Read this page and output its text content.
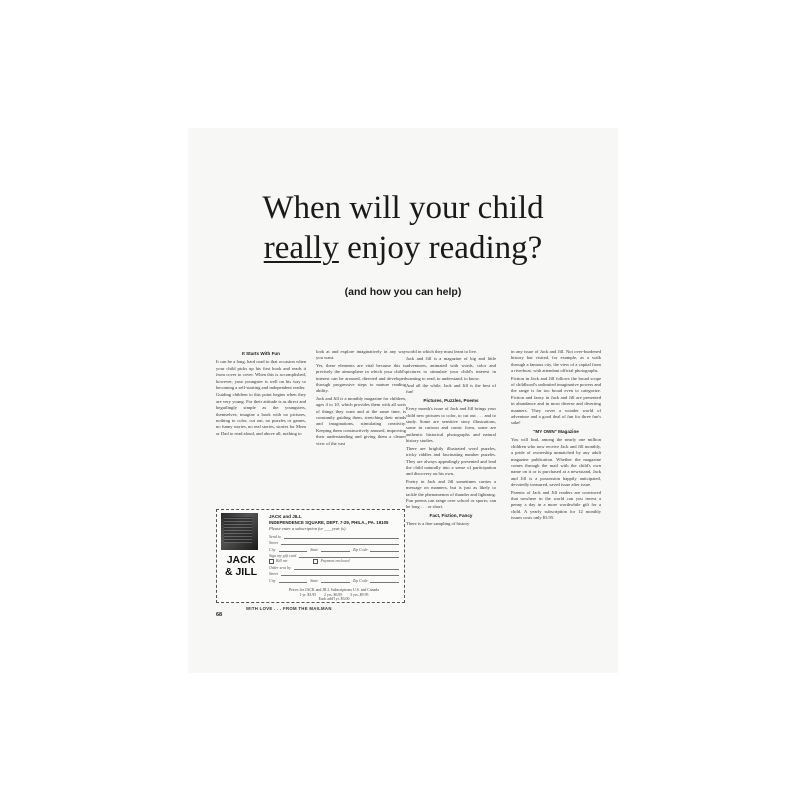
When will your child
really enjoy reading?
(and how you can help)
It Starts With Fun

It can be a long, hard road to that occasion when your child picks up his first book and reads it from cover to cover. When this is accomplished, however, your youngster is well on his way to becoming a self-starting and independent reader.

Guiding children to this point begins when they are very young. For their attitude is as direct and beguilingly simple as the youngsters, themselves; imagine a book with no pictures, nothing to color, cut out, no puzzles or games, no funny stories, no real stories, stories for Mom or Dad to read aloud, and above all, nothing to

look at and explore imaginatively in any way you want.

Yet, these elements are vital because this is precisely the atmosphere in which your child's interest can be aroused, directed and developed through progressive steps to mature reading ability.

Jack and Jill is a monthly magazine for children, ages 4 to 10, which provides them with all sorts of things they want and at the same time, is constantly guiding them, stretching their minds and imaginations, stimulating creativity. Keeping them constructively amused, improving their understanding and giving them a clearer view of the vast

world in which they must learn to live.

Jack and Jill is a magazine of big and little adventures, animated with words, color and pictures to stimulate your child's interest in wanting to read, to understand, to know.

And all the while, Jack and Jill is the best of fun!

Pictures, Puzzles, Poems

Every month's issue of Jack and Jill brings your child new pictures to color, to cut out . . . and to study. Some are sensitive story illustrations, some in cartoon and comic form, some are authentic historical photographs and natural history studies.

There are brightly illustrated word puzzles, tricky riddles and fascinating number puzzles. They are always appealingly presented and lead the child naturally into a sense of participation and discovery on his own.

Poetry in Jack and Jill sometimes carries a message on manners, but is just as likely to tackle the phenomenon of thunder and lightning. Fun poems can range over school or sports; can be long . . . or short.

Fact, Fiction, Fancy

There is a fine sampling of history

in any issue of Jack and Jill. Not over-burdened history but visited, for example, as a walk through a famous city, the view of a capital from a riverboat, with attendant official photographs.

Fiction in Jack and Jill follows the broad scope of childhood's unlimited imaginative powers and the range is far too broad even to categorize. Fiction and fancy in Jack and Jill are presented in abundance and in most diverse and diverting manners. They cover a wonder world of adventure and a good deal of fun for three fun's sake!

"MY OWN" Magazine

You will find, among the nearly one million children who now receive Jack and Jill monthly, a pride of ownership unmatched by any adult magazine publication. Whether the magazine comes through the mail with the child's own name on it or is purchased at a newsstand, Jack and Jill is a possession happily anticipated, devotedly treasured, saved issue after issue.

Parents of Jack and Jill readers are convinced that nowhere in the world can you invest a penny a day in a more worthwhile gift for a child. A yearly subscription for 12 monthly issues costs only $3.95.

JACK
& JILL
JACK and JILL
INDEPENDENCE SQUARE, DEPT. 7-29, PHILA., PA. 19105
Please enter a subscription for ___ year (s).
Send to
Street
City	State	Zip Code
Sign my gift card
Bill me	Payment enclosed
Order sent by
Street
City	State	Zip Code
Prices for JACK and JILL Subscriptions U.S. and Canada
1 yr. $3.95        2 yrs. $6.95        3 yrs. $9.95
Each add'l yr. $3.00
WITH LOVE . . . FROM THE MAILMAN
68
